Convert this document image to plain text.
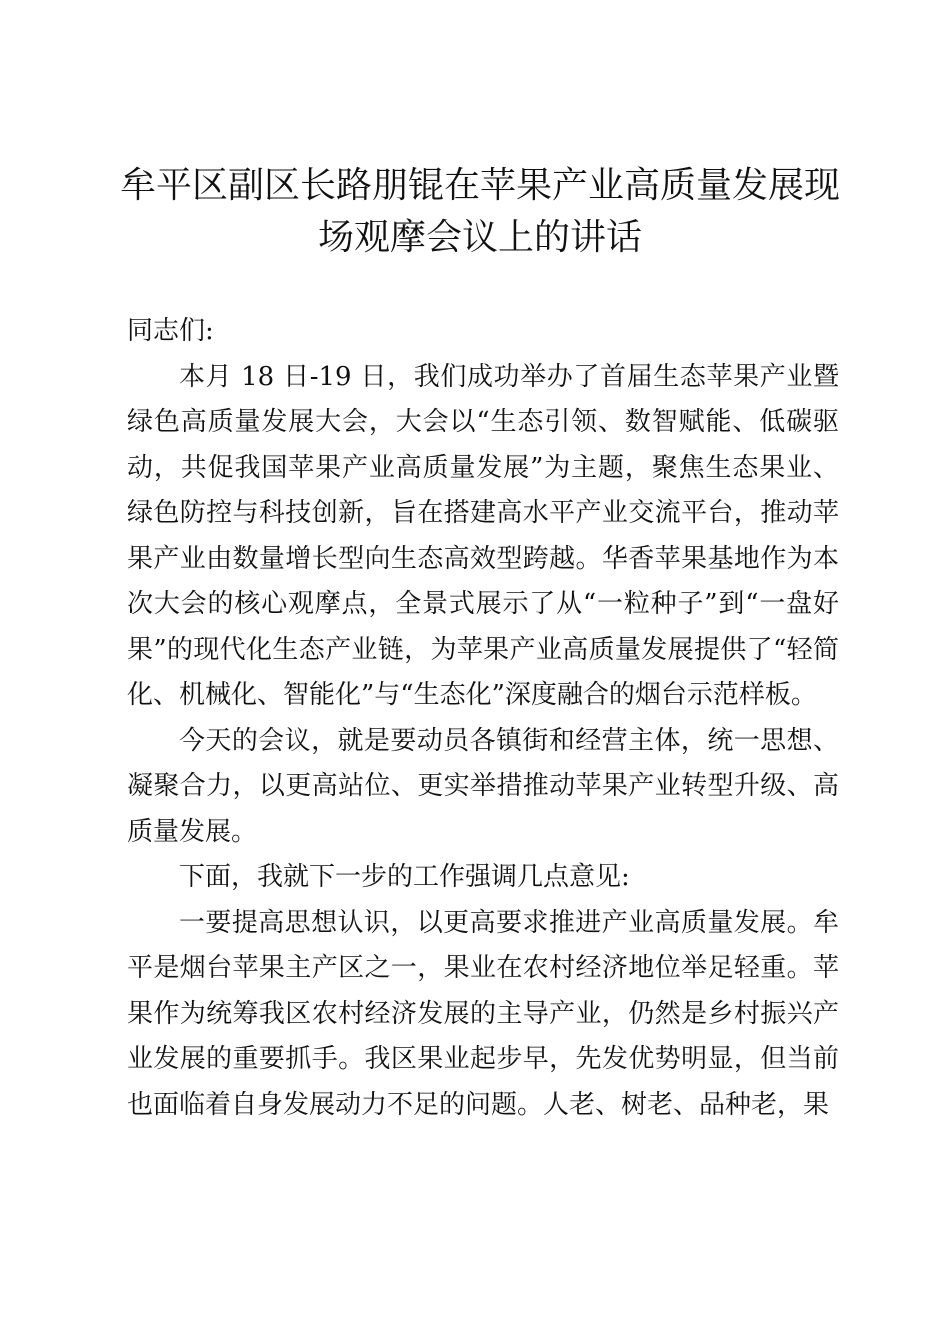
牟平区副区长路朋锟在苹果产业高质量发展现
场观摩会议上的讲话

同志们:

本月 18 日-19 日，我们成功举办了首届生态苹果产业暨绿色高质量发展大会，大会以“生态引领、数智赋能、低碳驱动，共促我国苹果产业高质量发展”为主题，聚焦生态果业、绿色防控与科技创新，旨在搭建高水平产业交流平台，推动苹果产业由数量增长型向生态高效型跨越。华香苹果基地作为本次大会的核心观摩点，全景式展示了从“一粒种子”到“一盘好果”的现代化生态产业链，为苹果产业高质量发展提供了“轻简化、机械化、智能化”与“生态化”深度融合的烟台示范样板。

今天的会议，就是要动员各镇街和经营主体，统一思想、凝聚合力，以更高站位、更实举措推动苹果产业转型升级、高质量发展。

下面，我就下一步的工作强调几点意见:

一要提高思想认识，以更高要求推进产业高质量发展。牟平是烟台苹果主产区之一，果业在农村经济地位举足轻重。苹果作为统筹我区农村经济发展的主导产业，仍然是乡村振兴产业发展的重要抓手。我区果业起步早，先发优势明显，但当前也面临着自身发展动力不足的问题。人老、树老、品种老，果
